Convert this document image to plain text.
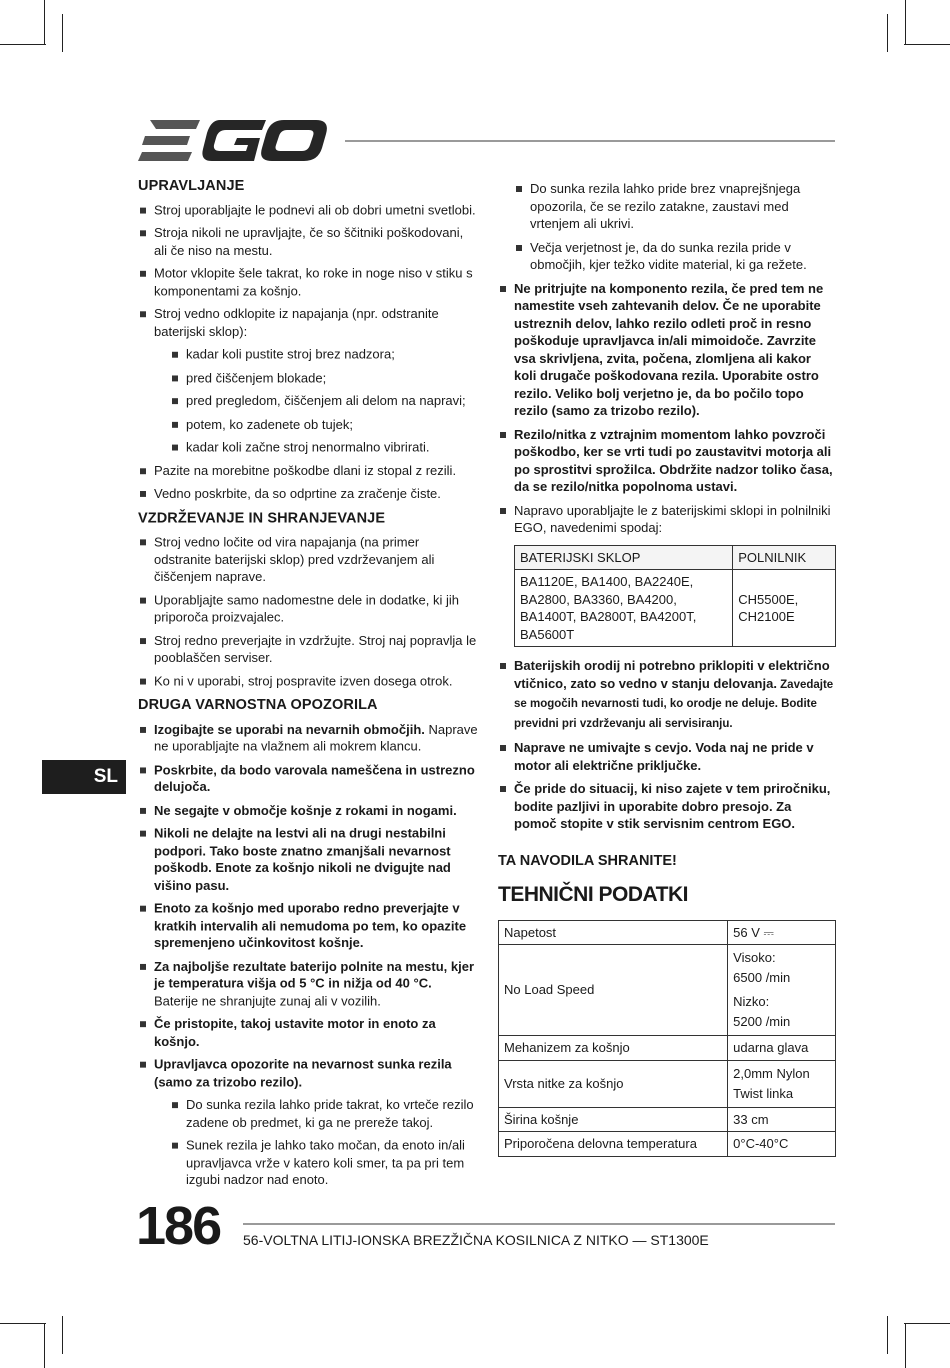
UPRAVLJANJE
Stroj uporabljajte le podnevi ali ob dobri umetni svetlobi.
Stroja nikoli ne upravljajte, če so ščitniki poškodovani, ali če niso na mestu.
Motor vklopite šele takrat, ko roke in noge niso v stiku s komponentami za košnjo.
Stroj vedno odklopite iz napajanja (npr. odstranite baterijski sklop):
kadar koli pustite stroj brez nadzora;
pred čiščenjem blokade;
pred pregledom, čiščenjem ali delom na napravi;
potem, ko zadenete ob tujek;
kadar koli začne stroj nenormalno vibrirati.
Pazite na morebitne poškodbe dlani iz stopal z rezili.
Vedno poskrbite, da so odprtine za zračenje čiste.
VZDRŽEVANJE IN SHRANJEVANJE
Stroj vedno ločite od vira napajanja (na primer odstranite baterijski sklop) pred vzdrževanjem ali čiščenjem naprave.
Uporabljajte samo nadomestne dele in dodatke, ki jih priporoča proizvajalec.
Stroj redno preverjajte in vzdržujte. Stroj naj popravlja le pooblaščen serviser.
Ko ni v uporabi, stroj pospravite izven dosega otrok.
DRUGA VARNOSTNA OPOZORILA
Izogibajte se uporabi na nevarnih območjih. Naprave ne uporabljajte na vlažnem ali mokrem klancu.
Poskrbite, da bodo varovala nameščena in ustrezno delujoča.
Ne segajte v območje košnje z rokami in nogami.
Nikoli ne delajte na lestvi ali na drugi nestabilni podpori. Tako boste znatno zmanjšali nevarnost poškodb. Enote za košnjo nikoli ne dvigujte nad višino pasu.
Enoto za košnjo med uporabo redno preverjajte v kratkih intervalih ali nemudoma po tem, ko opazite spremenjeno učinkovitost košnje.
Za najboljše rezultate baterijo polnite na mestu, kjer je temperatura višja od 5 °C in nižja od 40 °C. Baterije ne shranjujte zunaj ali v vozilih.
Če pristopite, takoj ustavite motor in enoto za košnjo.
Upravljavca opozorite na nevarnost sunka rezila (samo za trizobo rezilo).
Do sunka rezila lahko pride takrat, ko vrteče rezilo zadene ob predmet, ki ga ne prereže takoj.
Sunek rezila je lahko tako močan, da enoto in/ali upravljavca vrže v katero koli smer, ta pa pri tem izgubi nadzor nad enoto.
SL
Do sunka rezila lahko pride brez vnaprejšnjega opozorila, če se rezilo zatakne, zaustavi med vrtenjem ali ukrivi.
Večja verjetnost je, da do sunka rezila pride v območjih, kjer težko vidite material, ki ga režete.
Ne pritrjujte na komponento rezila, če pred tem ne namestite vseh zahtevanih delov. Če ne uporabite ustreznih delov, lahko rezilo odleti proč in resno poškoduje upravljavca in/ali mimoidoče. Zavrzite vsa skrivljena, zvita, počena, zlomljena ali kakor koli drugače poškodovana rezila. Uporabite ostro rezilo. Veliko bolj verjetno je, da bo počilo topo rezilo (samo za trizobo rezilo).
Rezilo/nitka z vztrajnim momentom lahko povzroči poškodbo, ker se vrti tudi po zaustavitvi motorja ali po sprostitvi sprožilca. Obdržite nadzor toliko časa, da se rezilo/nitka popolnoma ustavi.
Napravo uporabljajte le z baterijskimi sklopi in polnilniki EGO, navedenimi spodaj:
BATERIJSKI SKLOP	POLNILNIK
BA1120E, BA1400, BA2240E, BA2800, BA3360, BA4200, BA1400T, BA2800T, BA4200T, BA5600T	CH5500E, CH2100E
Baterijskih orodij ni potrebno priklopiti v električno vtičnico, zato so vedno v stanju delovanja. Zavedajte se mogočih nevarnosti tudi, ko orodje ne deluje. Bodite previdni pri vzdrževanju ali servisiranju.
Naprave ne umivajte s cevjo. Voda naj ne pride v motor ali električne priključke.
Če pride do situacij, ki niso zajete v tem priročniku, bodite pazljivi in uporabite dobro presojo. Za pomoč stopite v stik servisnim centrom EGO.
TA NAVODILA SHRANITE!
TEHNIČNI PODATKI
Napetost	56 V ⎓
No Load Speed	Visoko:
6500 /min
Nizko:
5200 /min

Mehanizem za košnjo	udarna glava
Vrsta nitke za košnjo	2,0mm Nylon
Twist linka

Širina košnje	33 cm
Priporočena delovna temperatura	0°C-40°C
186 56-VOLTNA LITIJ-IONSKA BREZŽIČNA KOSILNICA Z NITKO — ST1300E
